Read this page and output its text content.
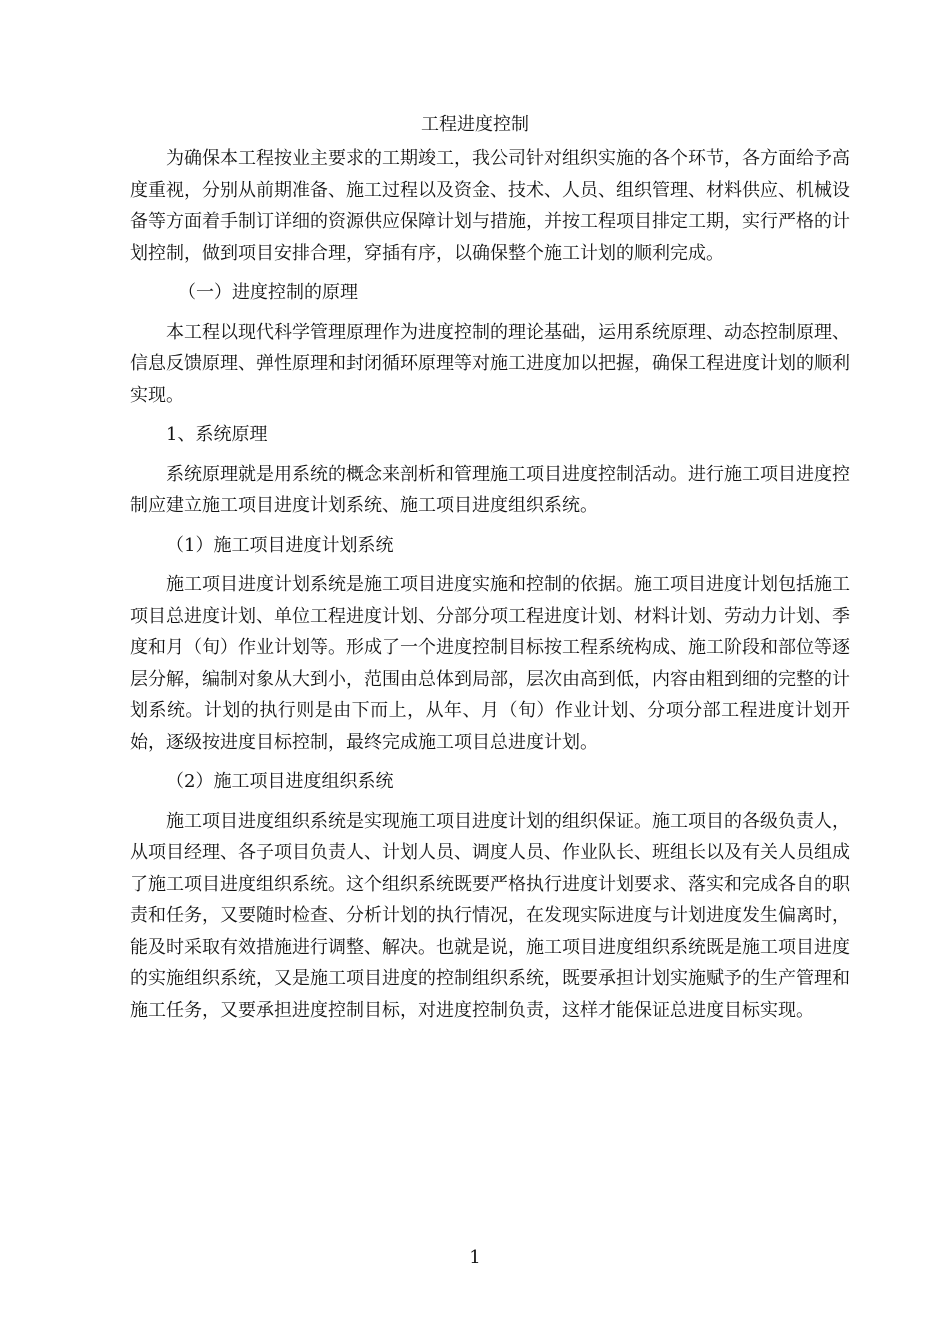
工程进度控制

为确保本工程按业主要求的工期竣工，我公司针对组织实施的各个环节，各方面给予高度重视，分别从前期准备、施工过程以及资金、技术、人员、组织管理、材料供应、机械设备等方面着手制订详细的资源供应保障计划与措施，并按工程项目排定工期，实行严格的计划控制，做到项目安排合理，穿插有序，以确保整个施工计划的顺利完成。

（一）进度控制的原理

本工程以现代科学管理原理作为进度控制的理论基础，运用系统原理、动态控制原理、信息反馈原理、弹性原理和封闭循环原理等对施工进度加以把握，确保工程进度计划的顺利实现。

1、系统原理

系统原理就是用系统的概念来剖析和管理施工项目进度控制活动。进行施工项目进度控制应建立施工项目进度计划系统、施工项目进度组织系统。

（1）施工项目进度计划系统

施工项目进度计划系统是施工项目进度实施和控制的依据。施工项目进度计划包括施工项目总进度计划、单位工程进度计划、分部分项工程进度计划、材料计划、劳动力计划、季度和月（旬）作业计划等。形成了一个进度控制目标按工程系统构成、施工阶段和部位等逐层分解，编制对象从大到小，范围由总体到局部，层次由高到低，内容由粗到细的完整的计划系统。计划的执行则是由下而上，从年、月（旬）作业计划、分项分部工程进度计划开始，逐级按进度目标控制，最终完成施工项目总进度计划。

（2）施工项目进度组织系统

施工项目进度组织系统是实现施工项目进度计划的组织保证。施工项目的各级负责人，从项目经理、各子项目负责人、计划人员、调度人员、作业队长、班组长以及有关人员组成了施工项目进度组织系统。这个组织系统既要严格执行进度计划要求、落实和完成各自的职责和任务，又要随时检查、分析计划的执行情况，在发现实际进度与计划进度发生偏离时，能及时采取有效措施进行调整、解决。也就是说，施工项目进度组织系统既是施工项目进度的实施组织系统，又是施工项目进度的控制组织系统，既要承担计划实施赋予的生产管理和施工任务，又要承担进度控制目标，对进度控制负责，这样才能保证总进度目标实现。

1
